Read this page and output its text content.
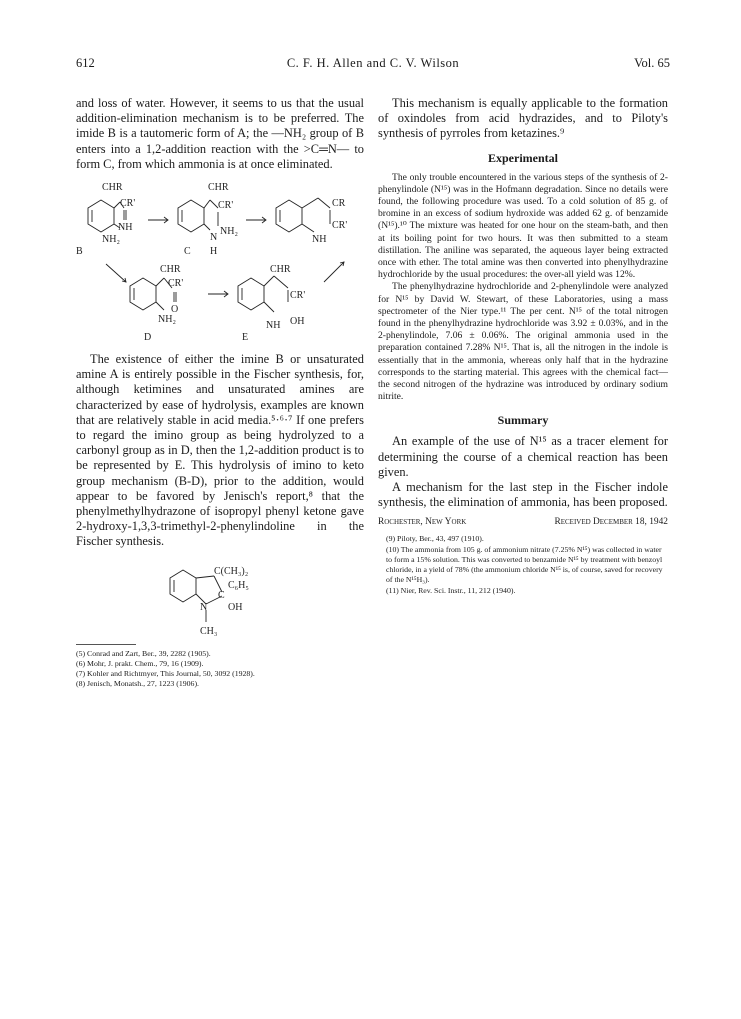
612	C. F. H. Allen and C. V. Wilson	Vol. 65

and loss of water. However, it seems to us that the usual addition-elimination mechanism is to be preferred. The imide B is a tautomeric form of A; the —NH₂ group of B enters into a 1,2-addition reaction with the >C═N— to form C, from which ammonia is at once eliminated.

CHR
CR'
NH
NH₂
CHR
CR'
N
NH₂
CR
CR'
NH
B	C H
CHR
CR'
O
NH₂
CHR
CR'
NH OH
D	E

The existence of either the imine B or unsaturated amine A is entirely possible in the Fischer synthesis, for, although ketimines and unsaturated amines are characterized by ease of hydrolysis, examples are known that are relatively stable in acid media.⁵·⁶·⁷ If one prefers to regard the imino group as being hydrolyzed to a carbonyl group as in D, then the 1,2-addition product is to be represented by E. This hydrolysis of imino to keto group mechanism (B-D), prior to the addition, would appear to be favored by Jenisch's report,⁸ that the phenylmethylhydrazone of isopropyl phenyl ketone gave 2-hydroxy-1,3,3-trimethyl-2-phenylindoline in the Fischer synthesis.

C(CH₃)₂
C₆H₅
C
N OH
CH₃

(5) Conrad and Zart, Ber., 39, 2282 (1905).

(6) Mohr, J. prakt. Chem., 79, 16 (1909).

(7) Kohler and Richtmyer, This Journal, 50, 3092 (1928).

(8) Jenisch, Monatsh., 27, 1223 (1906).

This mechanism is equally applicable to the formation of oxindoles from acid hydrazides, and to Piloty's synthesis of pyrroles from ketazines.⁹

Experimental

The only trouble encountered in the various steps of the synthesis of 2-phenylindole (N¹⁵) was in the Hofmann degradation. Since no details were found, the following procedure was used. To a cold solution of 85 g. of bromine in an excess of sodium hydroxide was added 62 g. of benzamide (N¹⁵).¹⁰ The mixture was heated for one hour on the steam-bath, and then at its boiling point for two hours. It was then submitted to a steam distillation. The aniline was separated, the aqueous layer being extracted once with ether. The total amine was then converted into phenylhydrazine hydrochloride by the usual procedures: the over-all yield was 12%.

The phenylhydrazine hydrochloride and 2-phenylindole were analyzed for N¹⁵ by David W. Stewart, of these Laboratories, using a mass spectrometer of the Nier type.¹¹ The per cent. N¹⁵ of the total nitrogen found in the phenylhydrazine hydrochloride was 3.92 ± 0.03%, and in the 2-phenylindole, 7.06 ± 0.06%. The original ammonia used in the preparation contained 7.28% N¹⁵. That is, all the nitrogen in the indole is essentially that in the ammonia, whereas only half that in the hydrazine corresponds to the starting material. This agrees with the chemical fact—the second nitrogen of the hydrazine was introduced by ordinary sodium nitrite.

Summary

An example of the use of N¹⁵ as a tracer element for determining the course of a chemical reaction has been given.

A mechanism for the last step in the Fischer indole synthesis, the elimination of ammonia, has been proposed.

Rochester, New York	Received December 18, 1942

(9) Piloty, Ber., 43, 497 (1910).

(10) The ammonia from 105 g. of ammonium nitrate (7.25% N¹⁵) was collected in water to form a 15% solution. This was converted to benzamide N¹⁵ by treatment with benzoyl chloride, in a yield of 78% (the ammonium chloride N¹⁵ is, of course, saved for recovery of the N¹⁵H₃).

(11) Nier, Rev. Sci. Instr., 11, 212 (1940).
